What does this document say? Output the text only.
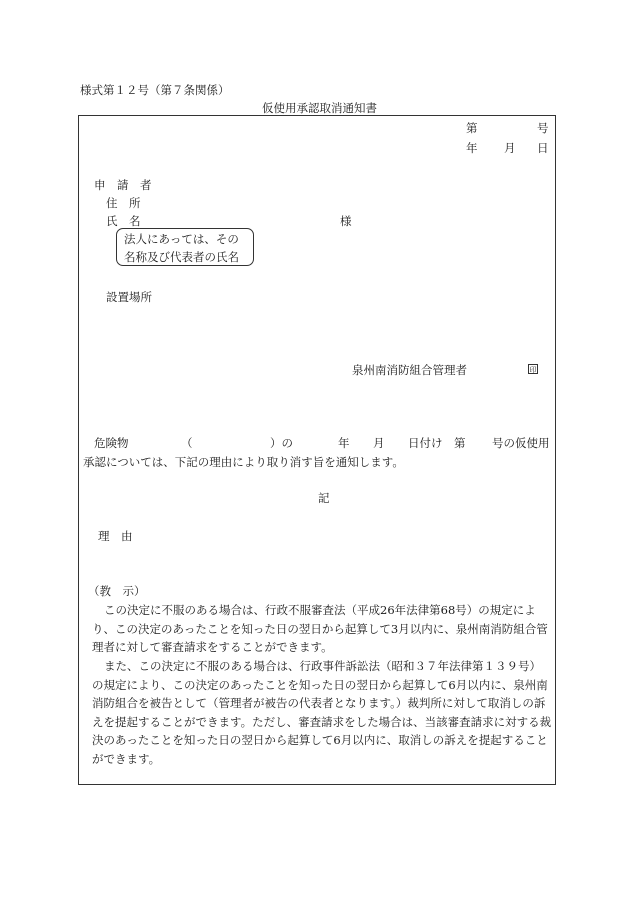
様式第１２号（第７条関係）
仮使用承認取消通知書
第	号
年 月 日
申　請　者
住　所
氏　名	様
法人にあっては、その
名称及び代表者の氏名
設置場所
泉州南消防組合管理者	印
危険物	（	）の	年 月 日付け 第 号の仮使用
承認については、下記の理由により取り消す旨を通知します。
記
理　由
（教　示）
この決定に不服のある場合は、行政不服審査法（平成26年法律第68号）の規定により、この決定のあったことを知った日の翌日から起算して3月以内に、泉州南消防組合管理者に対して審査請求をすることができます。
また、この決定に不服のある場合は、行政事件訴訟法（昭和３７年法律第１３９号）の規定により、この決定のあったことを知った日の翌日から起算して6月以内に、泉州南消防組合を被告として（管理者が被告の代表者となります。）裁判所に対して取消しの訴えを提起することができます。ただし、審査請求をした場合は、当該審査請求に対する裁決のあったことを知った日の翌日から起算して6月以内に、取消しの訴えを提起することができます。
